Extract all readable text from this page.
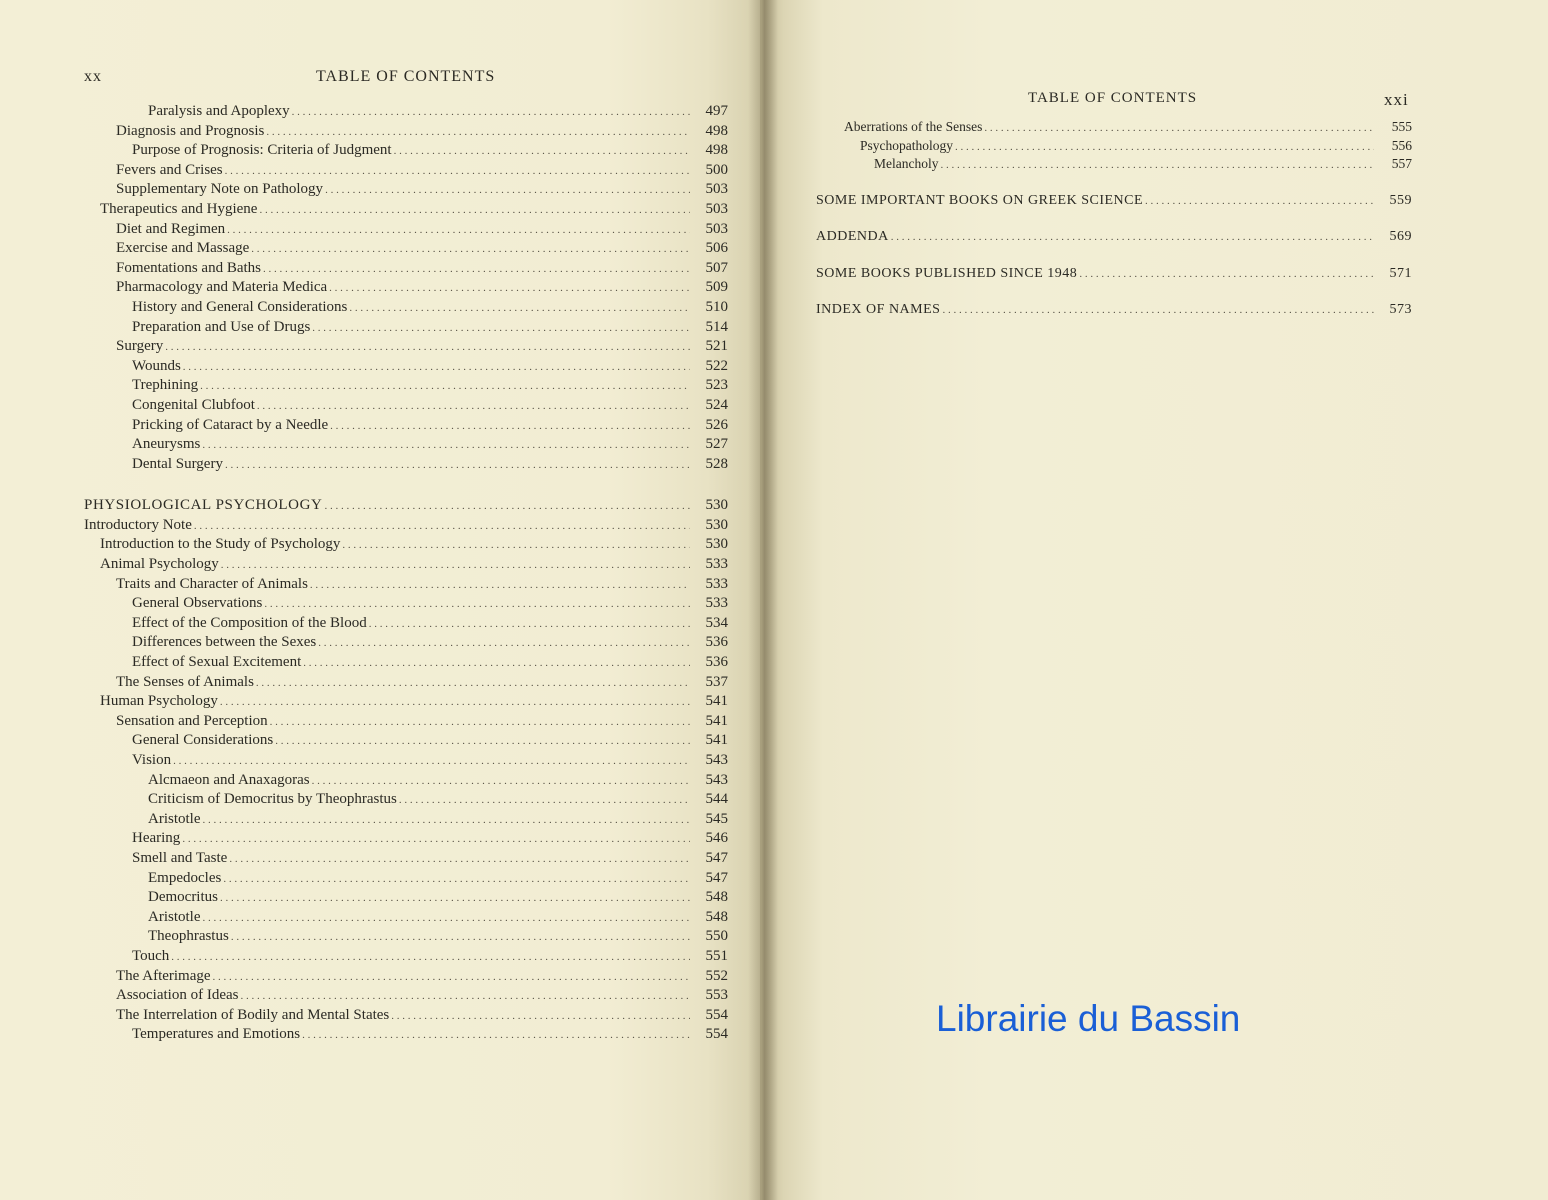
xx	TABLE OF CONTENTS
Paralysis and Apoplexy . . .	497
Diagnosis and Prognosis . . .	498
Purpose of Prognosis: Criteria of Judgment . . .	498
Fevers and Crises . . .	500
Supplementary Note on Pathology . . .	503
Therapeutics and Hygiene . . .	503
Diet and Regimen . . .	503
Exercise and Massage . . .	506
Fomentations and Baths . . .	507
Pharmacology and Materia Medica . . .	509
History and General Considerations . . .	510
Preparation and Use of Drugs . . .	514
Surgery . . .	521
Wounds . . .	522
Trephining . . .	523
Congenital Clubfoot . . .	524
Pricking of Cataract by a Needle . . .	526
Aneurysms . . .	527
Dental Surgery . . .	528
PHYSIOLOGICAL PSYCHOLOGY . . .	530
Introductory Note . . .	530
Introduction to the Study of Psychology . . .	530
Animal Psychology . . .	533
Traits and Character of Animals . . .	533
General Observations . . .	533
Effect of the Composition of the Blood . . .	534
Differences between the Sexes . . .	536
Effect of Sexual Excitement . . .	536
The Senses of Animals . . .	537
Human Psychology . . .	541
Sensation and Perception . . .	541
General Considerations . . .	541
Vision . . .	543
Alcmaeon and Anaxagoras . . .	543
Criticism of Democritus by Theophrastus . . .	544
Aristotle . . .	545
Hearing . . .	546
Smell and Taste . . .	547
Empedocles . . .	547
Democritus . . .	548
Aristotle . . .	548
Theophrastus . . .	550
Touch . . .	551
The Afterimage . . .	552
Association of Ideas . . .	553
The Interrelation of Bodily and Mental States . . .	554
Temperatures and Emotions . . .	554
TABLE OF CONTENTS	xxi
Aberrations of the Senses . . .	555
Psychopathology . . .	556
Melancholy . . .	557
SOME IMPORTANT BOOKS ON GREEK SCIENCE . . .	559
ADDENDA . . .	569
SOME BOOKS PUBLISHED SINCE 1948 . . .	571
INDEX OF NAMES . . .	573
Librairie du Bassin
